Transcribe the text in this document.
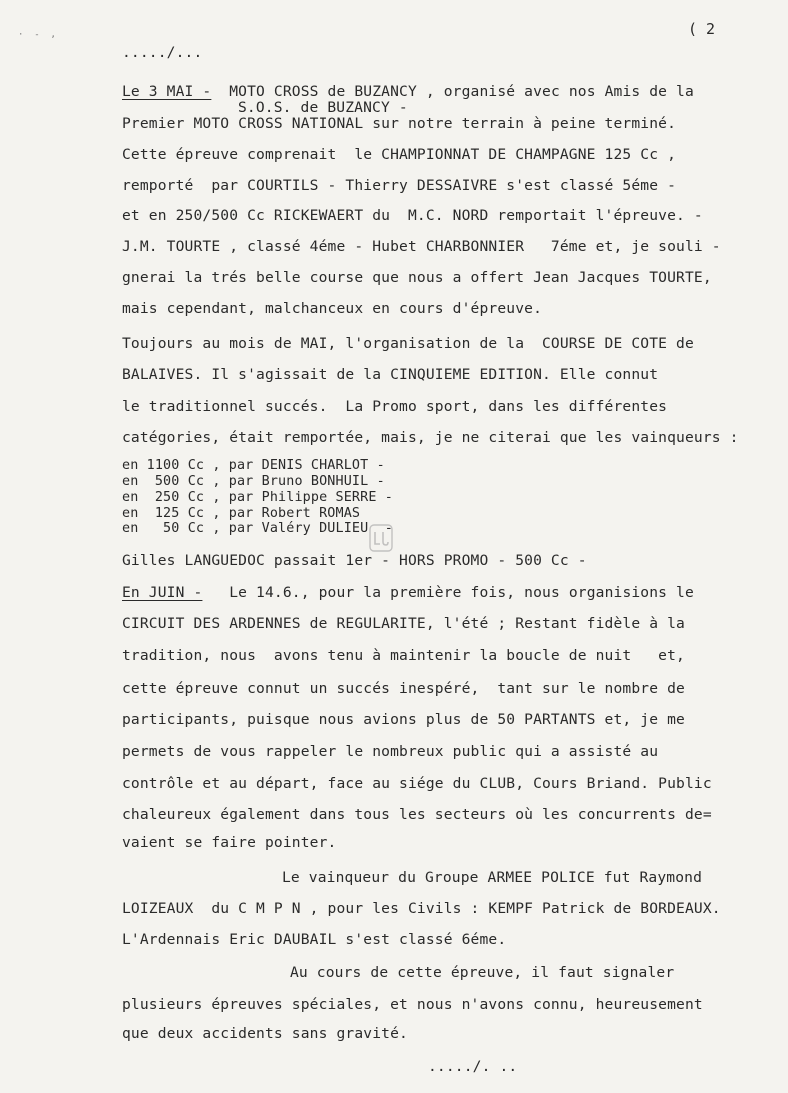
·  -  ,	( 2
...../...
Le 3 MAI -  MOTO CROSS de BUZANCY , organisé avec nos Amis de la
S.O.S. de BUZANCY -
Premier MOTO CROSS NATIONAL sur notre terrain à peine terminé.
Cette épreuve comprenait  le CHAMPIONNAT DE CHAMPAGNE 125 Cc ,
remporté  par COURTILS - Thierry DESSAIVRE s'est classé 5éme -
et en 250/500 Cc RICKEWAERT du  M.C. NORD remportait l'épreuve. -
J.M. TOURTE , classé 4éme - Hubet CHARBONNIER   7éme et, je souli -
gnerai la trés belle course que nous a offert Jean Jacques TOURTE,
mais cependant, malchanceux en cours d'épreuve.
Toujours au mois de MAI, l'organisation de la  COURSE DE COTE de
BALAIVES. Il s'agissait de la CINQUIEME EDITION. Elle connut
le traditionnel succés.  La Promo sport, dans les différentes
catégories, était remportée, mais, je ne citerai que les vainqueurs :
en 1100 Cc , par DENIS CHARLOT -
en  500 Cc , par Bruno BONHUIL -
en  250 Cc , par Philippe SERRE -
en  125 Cc , par Robert ROMAS
en   50 Cc , par Valéry DULIEU  -
Gilles LANGUEDOC passait 1er - HORS PROMO - 500 Cc -
En JUIN -   Le 14.6., pour la première fois, nous organisions le
CIRCUIT DES ARDENNES de REGULARITE, l'été ; Restant fidèle à la
tradition, nous  avons tenu à maintenir la boucle de nuit   et,
cette épreuve connut un succés inespéré,  tant sur le nombre de
participants, puisque nous avions plus de 50 PARTANTS et, je me
permets de vous rappeler le nombreux public qui a assisté au
contrôle et au départ, face au siége du CLUB, Cours Briand. Public
chaleureux également dans tous les secteurs où les concurrents de=
vaient se faire pointer.
Le vainqueur du Groupe ARMEE POLICE fut Raymond
LOIZEAUX  du C M P N , pour les Civils : KEMPF Patrick de BORDEAUX.
L'Ardennais Eric DAUBAIL s'est classé 6éme.
Au cours de cette épreuve, il faut signaler
plusieurs épreuves spéciales, et nous n'avons connu, heureusement
que deux accidents sans gravité.
...../. ..
